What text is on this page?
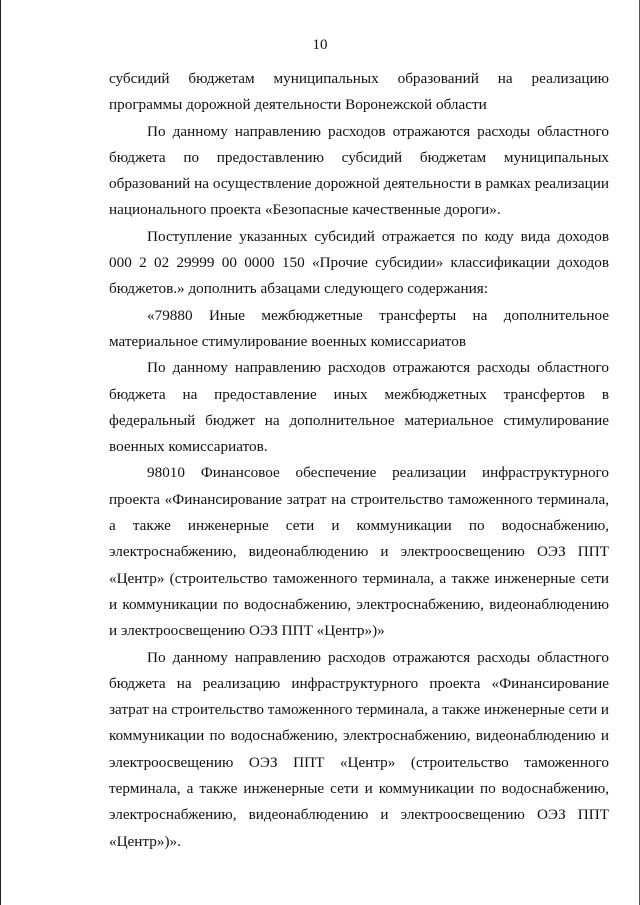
10

субсидий бюджетам муниципальных образований на реализацию программы дорожной деятельности Воронежской области

По данному направлению расходов отражаются расходы областного бюджета по предоставлению субсидий бюджетам муниципальных образований на осуществление дорожной деятельности в рамках реализации национального проекта «Безопасные качественные дороги».

Поступление указанных субсидий отражается по коду вида доходов 000 2 02 29999 00 0000 150 «Прочие субсидии» классификации доходов бюджетов.» дополнить абзацами следующего содержания:

«79880 Иные межбюджетные трансферты на дополнительное материальное стимулирование военных комиссариатов

По данному направлению расходов отражаются расходы областного бюджета на предоставление иных межбюджетных трансфертов в федеральный бюджет на дополнительное материальное стимулирование военных комиссариатов.

98010 Финансовое обеспечение реализации инфраструктурного проекта «Финансирование затрат на строительство таможенного терминала, а также инженерные сети и коммуникации по водоснабжению, электроснабжению, видеонаблюдению и электроосвещению ОЭЗ ППТ «Центр» (строительство таможенного терминала, а также инженерные сети и коммуникации по водоснабжению, электроснабжению, видеонаблюдению и электроосвещению ОЭЗ ППТ «Центр»)»

По данному направлению расходов отражаются расходы областного бюджета на реализацию инфраструктурного проекта «Финансирование затрат на строительство таможенного терминала, а также инженерные сети и коммуникации по водоснабжению, электроснабжению, видеонаблюдению и электроосвещению ОЭЗ ППТ «Центр» (строительство таможенного терминала, а также инженерные сети и коммуникации по водоснабжению, электроснабжению, видеонаблюдению и электроосвещению ОЭЗ ППТ «Центр»)».
